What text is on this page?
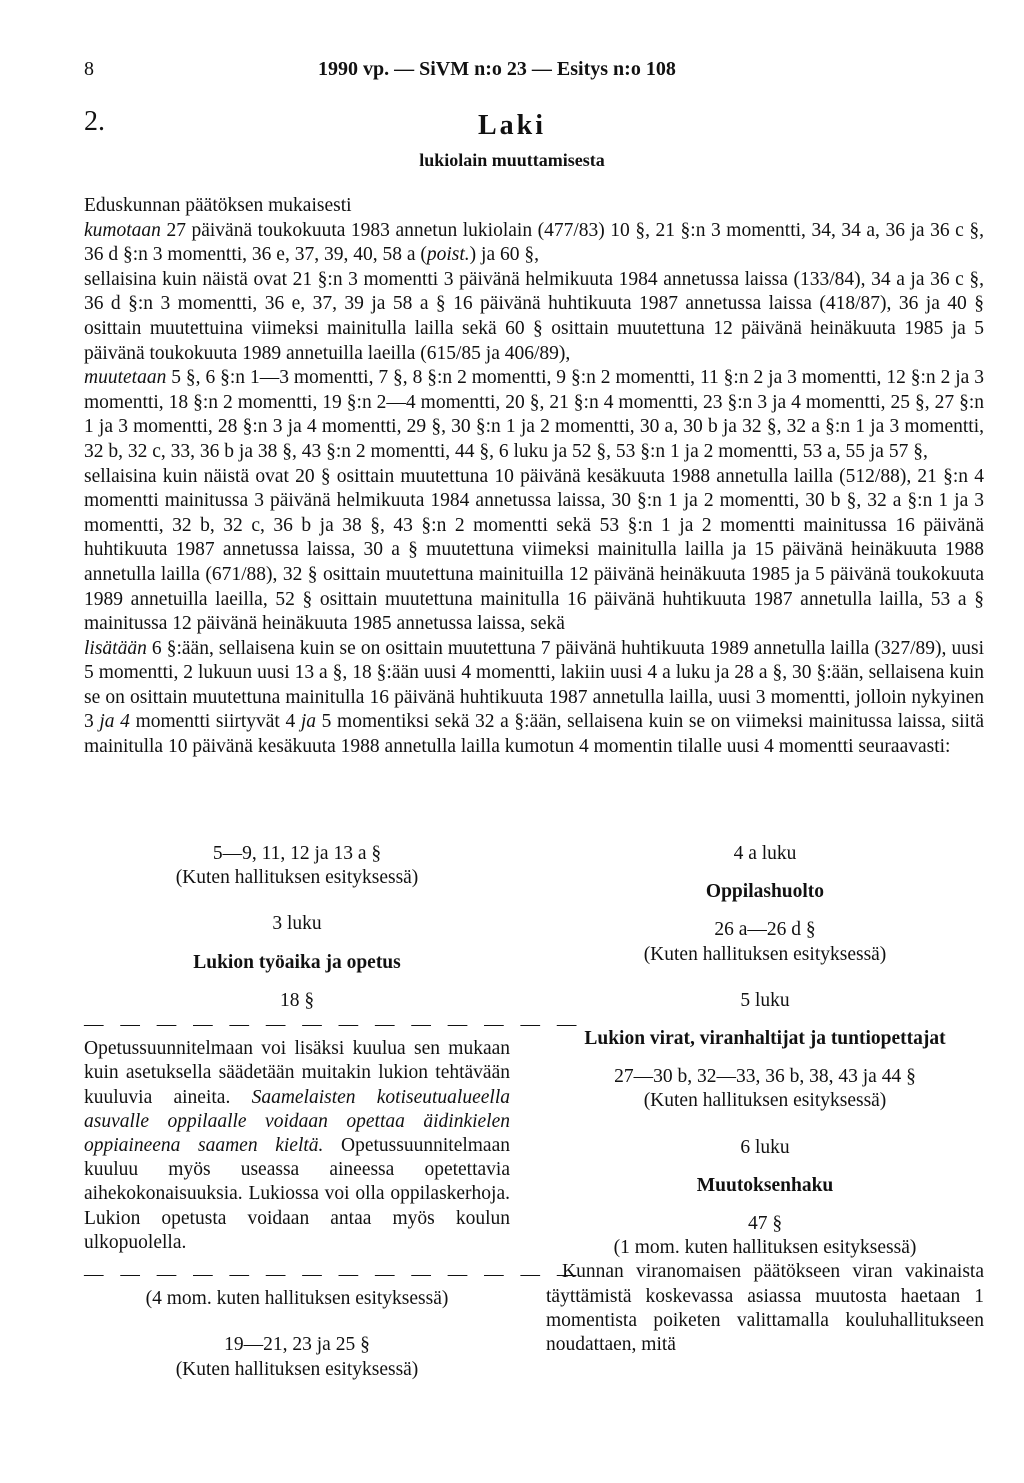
8	1990 vp. — SiVM n:o 23 — Esitys n:o 108
2.	Laki
lukiolain muuttamisesta

Eduskunnan päätöksen mukaisesti

kumotaan 27 päivänä toukokuuta 1983 annetun lukiolain (477/83) 10 §, 21 §:n 3 momentti, 34, 34 a, 36 ja 36 c §, 36 d §:n 3 momentti, 36 e, 37, 39, 40, 58 a (poist.) ja 60 §,

sellaisina kuin näistä ovat 21 §:n 3 momentti 3 päivänä helmikuuta 1984 annetussa laissa (133/84), 34 a ja 36 c §, 36 d §:n 3 momentti, 36 e, 37, 39 ja 58 a § 16 päivänä huhtikuuta 1987 annetussa laissa (418/87), 36 ja 40 § osittain muutettuina viimeksi mainitulla lailla sekä 60 § osittain muutettuna 12 päivänä heinäkuuta 1985 ja 5 päivänä toukokuuta 1989 annetuilla laeilla (615/85 ja 406/89),

muutetaan 5 §, 6 §:n 1—3 momentti, 7 §, 8 §:n 2 momentti, 9 §:n 2 momentti, 11 §:n 2 ja 3 momentti, 12 §:n 2 ja 3 momentti, 18 §:n 2 momentti, 19 §:n 2—4 momentti, 20 §, 21 §:n 4 momentti, 23 §:n 3 ja 4 momentti, 25 §, 27 §:n 1 ja 3 momentti, 28 §:n 3 ja 4 momentti, 29 §, 30 §:n 1 ja 2 momentti, 30 a, 30 b ja 32 §, 32 a §:n 1 ja 3 momentti, 32 b, 32 c, 33, 36 b ja 38 §, 43 §:n 2 momentti, 44 §, 6 luku ja 52 §, 53 §:n 1 ja 2 momentti, 53 a, 55 ja 57 §,

sellaisina kuin näistä ovat 20 § osittain muutettuna 10 päivänä kesäkuuta 1988 annetulla lailla (512/88), 21 §:n 4 momentti mainitussa 3 päivänä helmikuuta 1984 annetussa laissa, 30 §:n 1 ja 2 momentti, 30 b §, 32 a §:n 1 ja 3 momentti, 32 b, 32 c, 36 b ja 38 §, 43 §:n 2 momentti sekä 53 §:n 1 ja 2 momentti mainitussa 16 päivänä huhtikuuta 1987 annetussa laissa, 30 a § muutettuna viimeksi mainitulla lailla ja 15 päivänä heinäkuuta 1988 annetulla lailla (671/88), 32 § osittain muutettuna mainituilla 12 päivänä heinäkuuta 1985 ja 5 päivänä toukokuuta 1989 annetuilla laeilla, 52 § osittain muutettuna mainitulla 16 päivänä huhtikuuta 1987 annetulla lailla, 53 a § mainitussa 12 päivänä heinäkuuta 1985 annetussa laissa, sekä

lisätään 6 §:ään, sellaisena kuin se on osittain muutettuna 7 päivänä huhtikuuta 1989 annetulla lailla (327/89), uusi 5 momentti, 2 lukuun uusi 13 a §, 18 §:ään uusi 4 momentti, lakiin uusi 4 a luku ja 28 a §, 30 §:ään, sellaisena kuin se on osittain muutettuna mainitulla 16 päivänä huhtikuuta 1987 annetulla lailla, uusi 3 momentti, jolloin nykyinen 3 ja 4 momentti siirtyvät 4 ja 5 momentiksi sekä 32 a §:ään, sellaisena kuin se on viimeksi mainitussa laissa, siitä mainitulla 10 päivänä kesäkuuta 1988 annetulla lailla kumotun 4 momentin tilalle uusi 4 momentti seuraavasti:

5—9, 11, 12 ja 13 a §

(Kuten hallituksen esityksessä)

3 luku

Lukion työaika ja opetus

18 §

— — — — — — — — — — — — — —

Opetussuunnitelmaan voi lisäksi kuulua sen mukaan kuin asetuksella säädetään muitakin lukion tehtävään kuuluvia aineita. Saamelaisten kotiseutualueella asuvalle oppilaalle voidaan opettaa äidinkielen oppiaineena saamen kieltä. Opetussuunnitelmaan kuuluu myös useassa aineessa opetettavia aihekokonaisuuksia. Lukiossa voi olla oppilaskerhoja. Lukion opetusta voidaan antaa myös koulun ulkopuolella.

— — — — — — — — — — — — — —

(4 mom. kuten hallituksen esityksessä)

19—21, 23 ja 25 §

(Kuten hallituksen esityksessä)

4 a luku

Oppilashuolto

26 a—26 d §

(Kuten hallituksen esityksessä)

5 luku

Lukion virat, viranhaltijat ja tuntiopettajat

27—30 b, 32—33, 36 b, 38, 43 ja 44 §

(Kuten hallituksen esityksessä)

6 luku

Muutoksenhaku

47 §

(1 mom. kuten hallituksen esityksessä)

Kunnan viranomaisen päätökseen viran vakinaista täyttämistä koskevassa asiassa muutosta haetaan 1 momentista poiketen valittamalla kouluhallitukseen noudattaen, mitä
